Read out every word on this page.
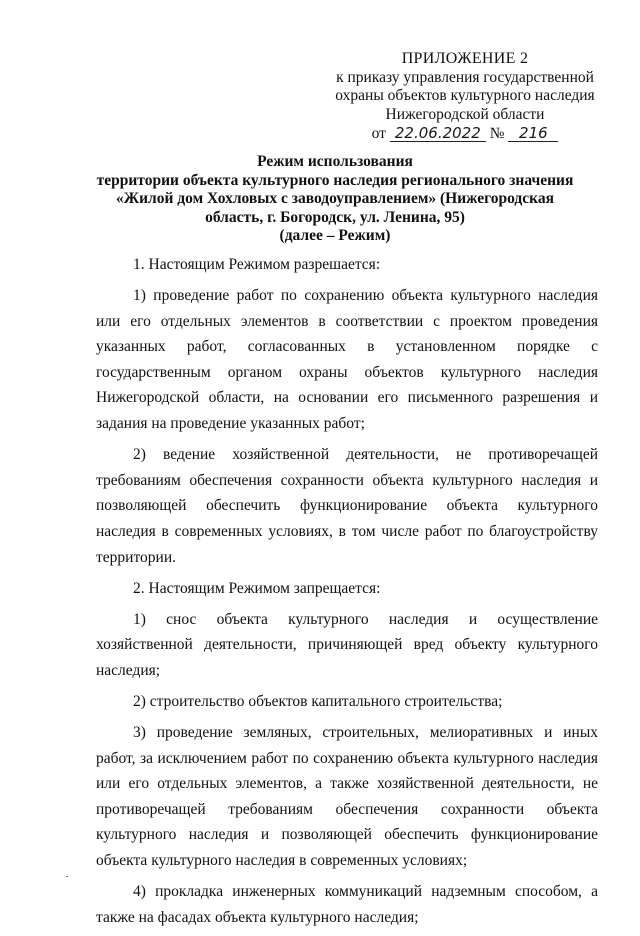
ПРИЛОЖЕНИЕ 2
к приказу управления государственной
охраны объектов культурного наследия
Нижегородской области
от 22.06.2022 № 216
Режим использования
территории объекта культурного наследия регионального значения
«Жилой дом Хохловых с заводоуправлением» (Нижегородская
область, г. Богородск, ул. Ленина, 95)
(далее – Режим)

1. Настоящим Режимом разрешается:

1) проведение работ по сохранению объекта культурного наследия или его отдельных элементов в соответствии с проектом проведения указанных работ, согласованных в установленном порядке с государственным органом охраны объектов культурного наследия Нижегородской области, на основании его письменного разрешения и задания на проведение указанных работ;

2) ведение хозяйственной деятельности, не противоречащей требованиям обеспечения сохранности объекта культурного наследия и позволяющей обеспечить функционирование объекта культурного наследия в современных условиях, в том числе работ по благоустройству территории.

2. Настоящим Режимом запрещается:

1) снос объекта культурного наследия и осуществление хозяйственной деятельности, причиняющей вред объекту культурного наследия;

2) строительство объектов капитального строительства;

3) проведение земляных, строительных, мелиоративных и иных работ, за исключением работ по сохранению объекта культурного наследия или его отдельных элементов, а также хозяйственной деятельности, не противоречащей требованиям обеспечения сохранности объекта культурного наследия и позволяющей обеспечить функционирование объекта культурного наследия в современных условиях;

4) прокладка инженерных коммуникаций надземным способом, а также на фасадах объекта культурного наследия;
